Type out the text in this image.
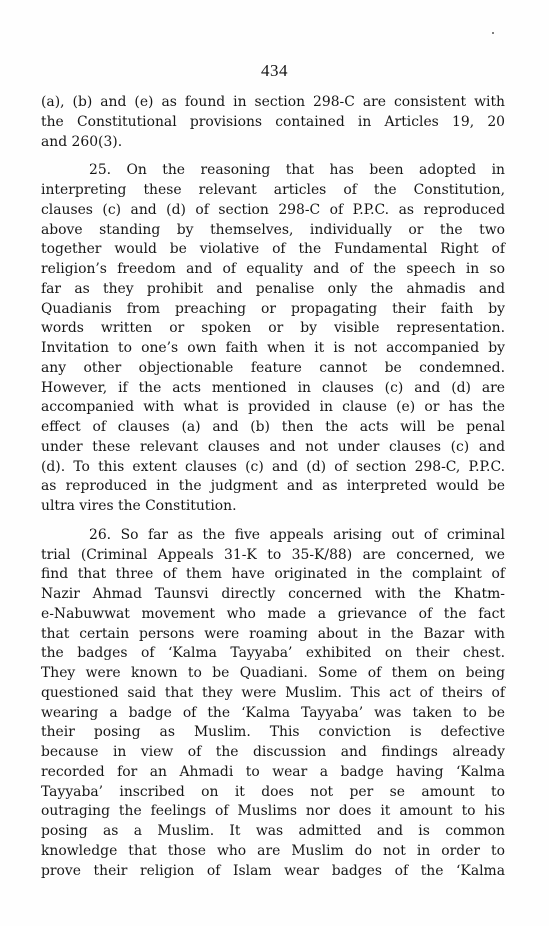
434

(a), (b) and (e) as found in section 298-C are consistent with
the Constitutional provisions contained in Articles 19, 20
and 260(3).

25. On the reasoning that has been adopted in
interpreting these relevant articles of the Constitution,
clauses (c) and (d) of section 298-C of P.P.C. as reproduced
above standing by themselves, individually or the two
together would be violative of the Fundamental Right of
religion’s freedom and of equality and of the speech in so
far as they prohibit and penalise only the ahmadis and
Quadianis from preaching or propagating their faith by
words written or spoken or by visible representation.
Invitation to one’s own faith when it is not accompanied by
any other objectionable feature cannot be condemned.
However, if the acts mentioned in clauses (c) and (d) are
accompanied with what is provided in clause (e) or has the
effect of clauses (a) and (b) then the acts will be penal
under these relevant clauses and not under clauses (c) and
(d). To this extent clauses (c) and (d) of section 298-C, P.P.C.
as reproduced in the judgment and as interpreted would be
ultra vires the Constitution.

26. So far as the five appeals arising out of criminal
trial (Criminal Appeals 31-K to 35-K/88) are concerned, we
find that three of them have originated in the complaint of
Nazir Ahmad Taunsvi directly concerned with the Khatm-
e-Nabuwwat movement who made a grievance of the fact
that certain persons were roaming about in the Bazar with
the badges of ‘Kalma Tayyaba’ exhibited on their chest.
They were known to be Quadiani. Some of them on being
questioned said that they were Muslim. This act of theirs of
wearing a badge of the ‘Kalma Tayyaba’ was taken to be
their posing as Muslim. This conviction is defective
because in view of the discussion and findings already
recorded for an Ahmadi to wear a badge having ‘Kalma
Tayyaba’ inscribed on it does not per se amount to
outraging the feelings of Muslims nor does it amount to his
posing as a Muslim. It was admitted and is common
knowledge that those who are Muslim do not in order to
prove their religion of Islam wear badges of the ‘Kalma
